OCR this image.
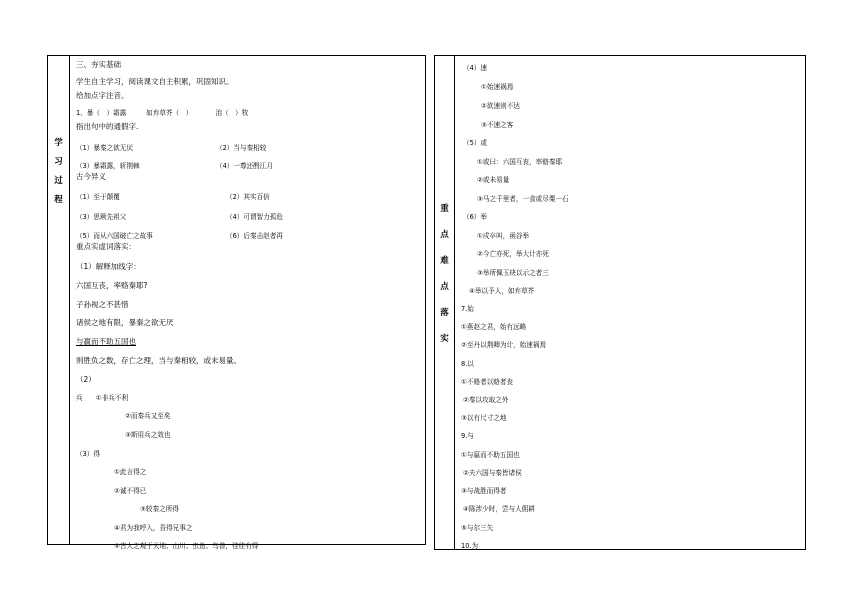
学
习
过
程
三、夯实基础
学生自主学习，阅读课文自主积累，巩固知识。
给加点字注音。
1、暴（　）霜露　　　如弃草芥（　）　　　　洎（　）牧
指出句中的通假字.
（1）暴秦之欲无厌	（2）当与秦相较
（3）暴霜露，斩荆棘	（4）一尊还酹江月
古今异义
（1）至于颠覆	（2）其实百倍
（3）思厥先祖父	（4）可谓智力孤危
（5）而从六国破亡之故事	（6）后秦击赵者再
重点实虚词落实：
（1）解释加线字：
六国互丧，率赂秦耶?
子孙视之不甚惜
诸侯之地有限，暴秦之欲无厌
与嬴而不助五国也
则胜负之数，存亡之理，当与秦相较，或未易量。
（2）
兵　　①非兵不利
②而秦兵又至矣
③斯用兵之效也
（3）得
①此言得之
②诚不得已
③较秦之所得
④君为我呼入，吾得兄事之
⑤古人之观于天地、山川、虫鱼、鸟兽，往往有得
重
点
难
点
落
实
（4）速
①始速祸焉
②欲速则不达
③不速之客
（5）或
①或曰：六国互丧，率赂秦耶
②或未易量
③马之千里者，一食或尽粟一石
（6）举
①戍卒叫，函谷举
②今亡亦死，举大计亦死
③举所佩玉玦以示之者三
④举以予人，如弃草芥
7.始
①燕赵之君，始有远略
②至丹以荆卿为计，始速祸焉
8.以
①不赂者以赂者丧
②秦以攻取之外
③以有尺寸之地
9.与
①与嬴而不助五国也
②夫六国与秦皆诸侯
③与战胜而得者
④陈涉少时，尝与人佣耕
⑤与尔三矢
10.为
